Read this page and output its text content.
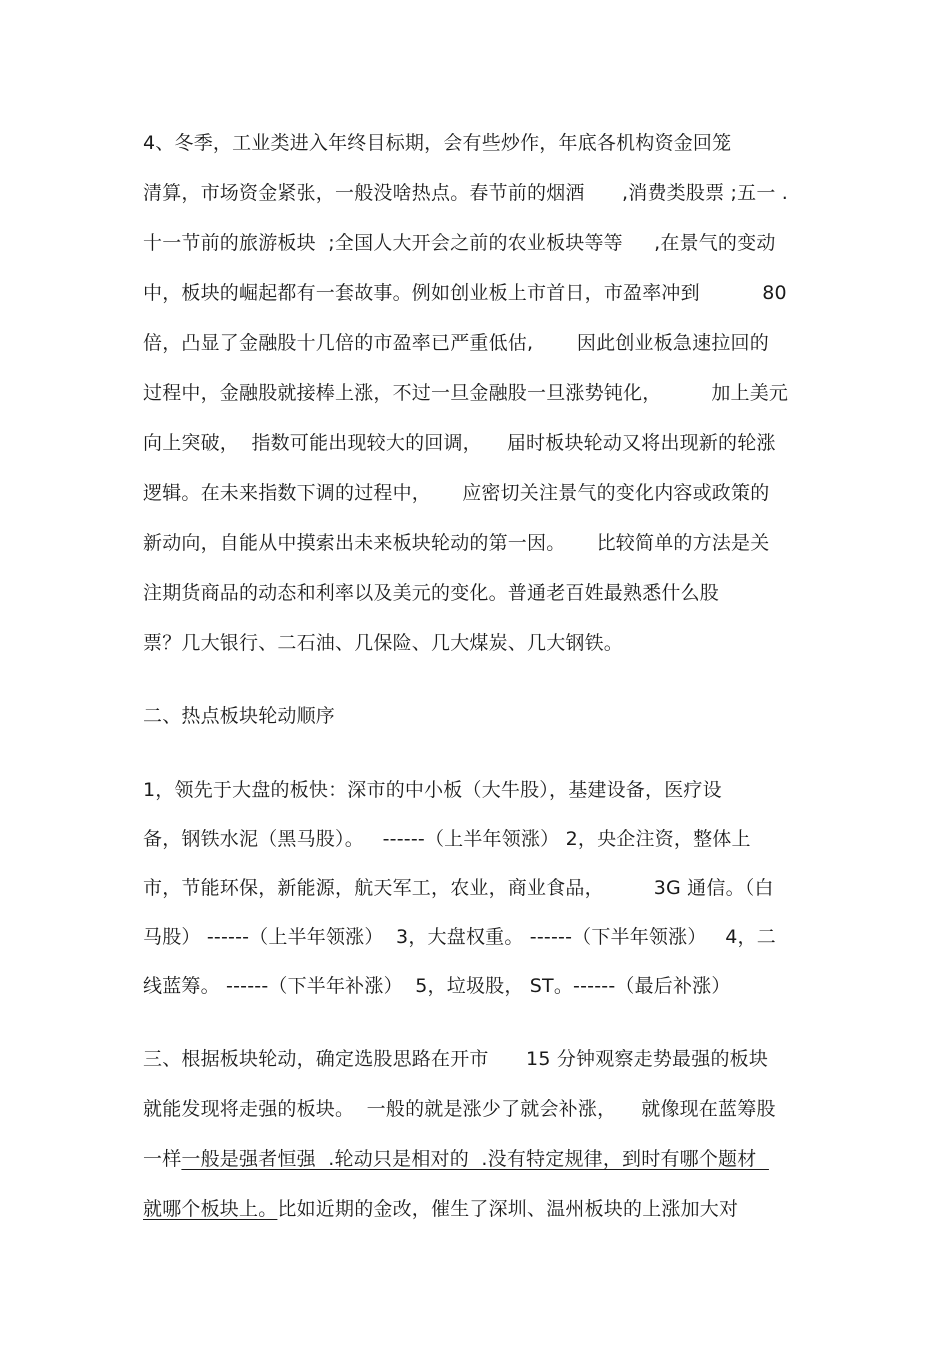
4、冬季，工业类进入年终目标期，会有些炒作，年底各机构资金回笼

清算，市场资金紧张，一般没啥热点。春节前的烟酒      ,消费类股票 ;五一 .

十一节前的旅游板块  ;全国人大开会之前的农业板块等等     ,在景气的变动

中，板块的崛起都有一套故事。例如创业板上市首日，市盈率冲到          80

倍，凸显了金融股十几倍的市盈率已严重低估,       因此创业板急速拉回的

过程中，金融股就接棒上涨，不过一旦金融股一旦涨势钝化，        加上美元

向上突破，  指数可能出现较大的回调，    届时板块轮动又将出现新的轮涨

逻辑。在未来指数下调的过程中，     应密切关注景气的变化内容或政策的

新动向，自能从中摸索出未来板块轮动的第一因。     比较简单的方法是关

注期货商品的动态和利率以及美元的变化。普通老百姓最熟悉什么股

票？几大银行、二石油、几保险、几大煤炭、几大钢铁。

二、热点板块轮动顺序

1，领先于大盘的板快：深市的中小板（大牛股），基建设备，医疗设

备，钢铁水泥（黑马股）。   ------（上半年领涨） 2，央企注资，整体上

市，节能环保，新能源，航天军工，农业，商业食品，        3G 通信。（白

马股） ------（上半年领涨）  3，大盘权重。 ------（下半年领涨）   4，二

线蓝筹。 ------（下半年补涨）  5，垃圾股， ST。------（最后补涨）

三、根据板块轮动，确定选股思路在开市      15 分钟观察走势最强的板块

就能发现将走强的板块。  一般的就是涨少了就会补涨，    就像现在蓝筹股

一样一般是强者恒强  .轮动只是相对的  .没有特定规律，到时有哪个题材

就哪个板块上。比如近期的金改，催生了深圳、温州板块的上涨加大对
